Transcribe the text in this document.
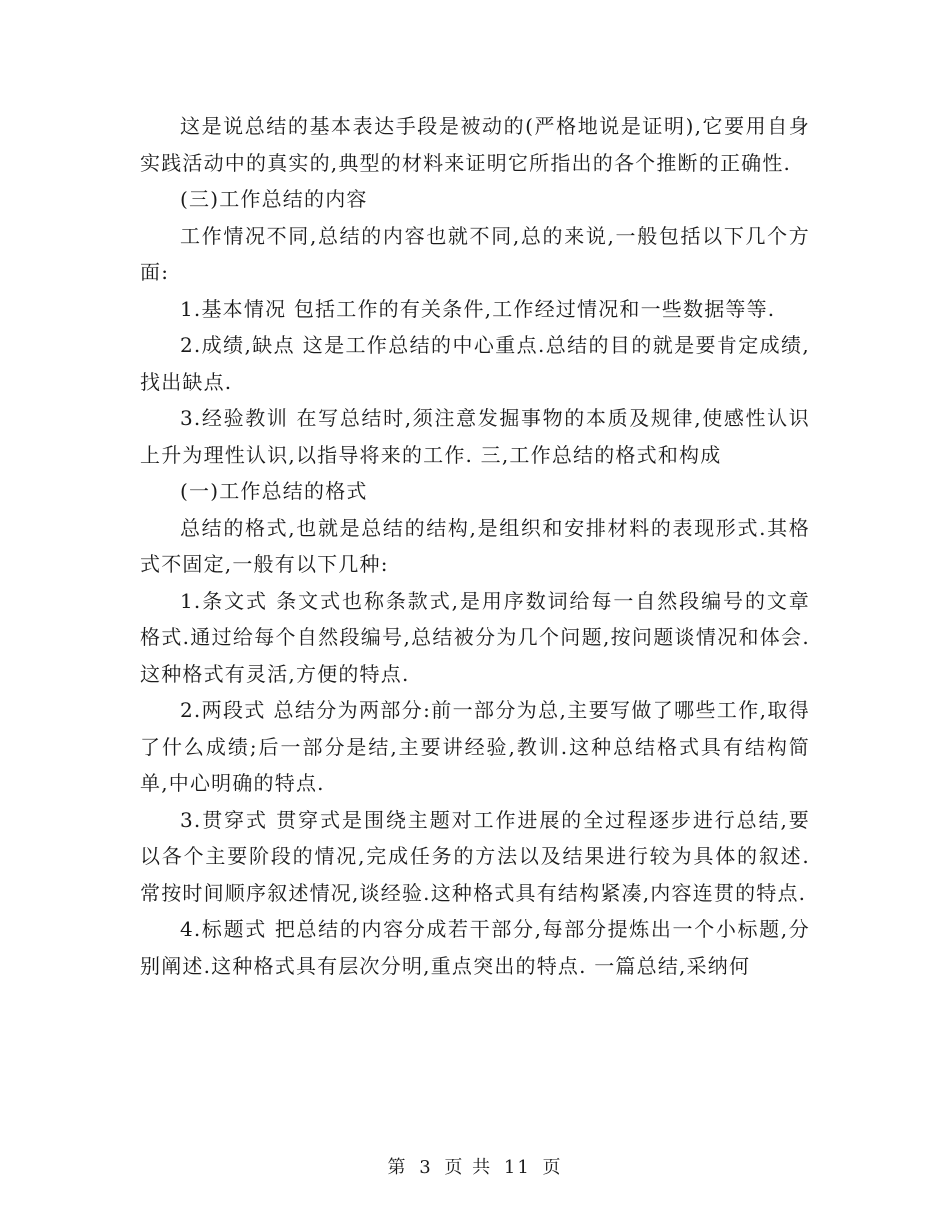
这是说总结的基本表达手段是被动的(严格地说是证明),它要用自身实践活动中的真实的,典型的材料来证明它所指出的各个推断的正确性.

(三)工作总结的内容

工作情况不同,总结的内容也就不同,总的来说,一般包括以下几个方面:

1.基本情况 包括工作的有关条件,工作经过情况和一些数据等等.

2.成绩,缺点 这是工作总结的中心重点.总结的目的就是要肯定成绩,找出缺点.

3.经验教训 在写总结时,须注意发掘事物的本质及规律,使感性认识上升为理性认识,以指导将来的工作. 三,工作总结的格式和构成

(一)工作总结的格式

总结的格式,也就是总结的结构,是组织和安排材料的表现形式.其格式不固定,一般有以下几种:

1.条文式 条文式也称条款式,是用序数词给每一自然段编号的文章格式.通过给每个自然段编号,总结被分为几个问题,按问题谈情况和体会.这种格式有灵活,方便的特点.

2.两段式 总结分为两部分:前一部分为总,主要写做了哪些工作,取得了什么成绩;后一部分是结,主要讲经验,教训.这种总结格式具有结构简单,中心明确的特点.

3.贯穿式 贯穿式是围绕主题对工作进展的全过程逐步进行总结,要以各个主要阶段的情况,完成任务的方法以及结果进行较为具体的叙述.常按时间顺序叙述情况,谈经验.这种格式具有结构紧凑,内容连贯的特点.

4.标题式 把总结的内容分成若干部分,每部分提炼出一个小标题,分别阐述.这种格式具有层次分明,重点突出的特点. 一篇总结,采纳何

第 3 页 共 11 页
